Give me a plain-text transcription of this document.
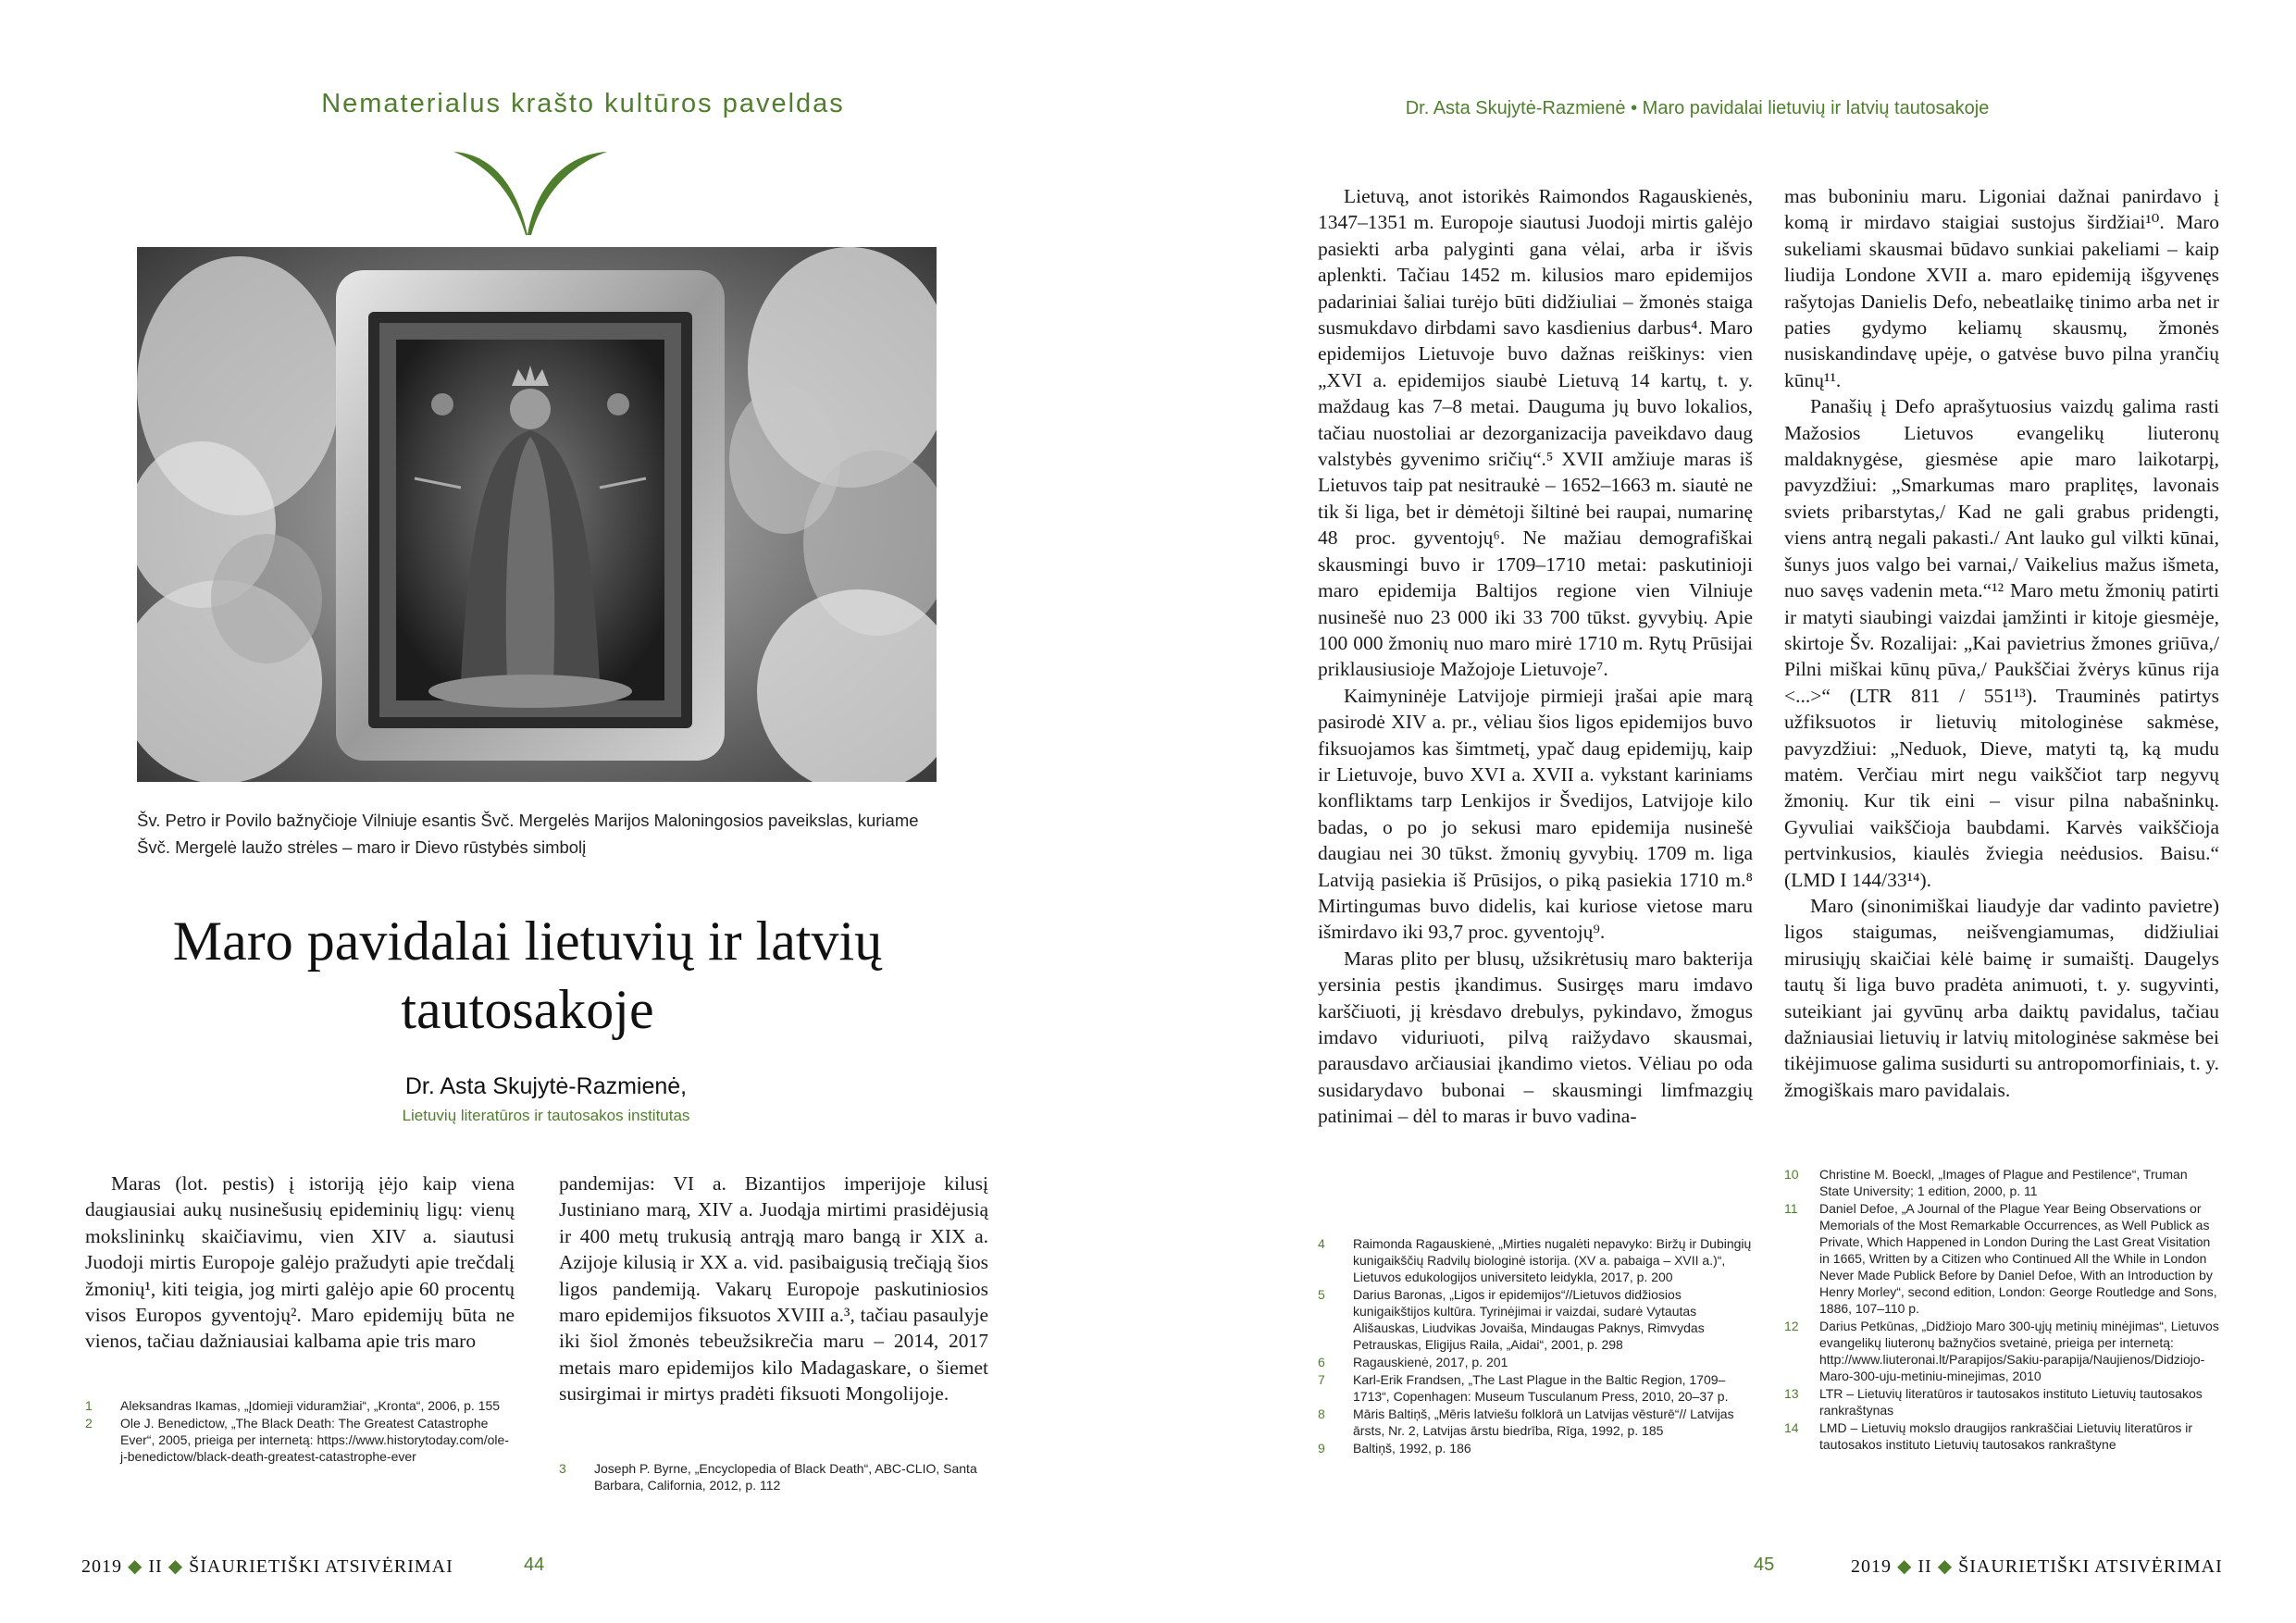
Nematerialus krašto kultūros paveldas	Dr. Asta Skujytė-Razmienė • Maro pavidalai lietuvių ir latvių tautosakoje
Šv. Petro ir Povilo bažnyčioje Vilniuje esantis Švč. Mergelės Marijos Maloningosios paveikslas, kuriame Švč. Mergelė laužo strėles – maro ir Dievo rūstybės simbolį
Maro pavidalai lietuvių ir latvių
tautosakoje
Dr. Asta Skujytė-Razmienė,
Lietuvių literatūros ir tautosakos institutas

Maras (lot. pestis) į istoriją įėjo kaip viena daugiausiai aukų nusinešusių epideminių ligų: vienų mokslininkų skaičiavimu, vien XIV a. siautusi Juodoji mirtis Europoje galėjo pražudyti apie trečdalį žmonių¹, kiti teigia, jog mirti galėjo apie 60 procentų visos Europos gyventojų². Maro epidemijų būta ne vienos, tačiau dažniausiai kalbama apie tris maro

pandemijas: VI a. Bizantijos imperijoje kilusį Justiniano marą, XIV a. Juodąja mirtimi prasidėjusią ir 400 metų trukusią antrąją maro bangą ir XIX a. Azijoje kilusią ir XX a. vid. pasibaigusią trečiąją šios ligos pandemiją. Vakarų Europoje paskutiniosios maro epidemijos fiksuotos XVIII a.³, tačiau pasaulyje iki šiol žmonės tebeužsikrečia maru – 2014, 2017 metais maro epidemijos kilo Madagaskare, o šiemet susirgimai ir mirtys pradėti fiksuoti Mongolijoje.

1	Aleksandras Ikamas, „Įdomieji viduramžiai“, „Kronta“, 2006, p. 155
2	Ole J. Benedictow, „The Black Death: The Greatest Catastrophe Ever“, 2005, prieiga per internetą: https://www.historytoday.com/ole-j-benedictow/black-death-greatest-catastrophe-ever
3	Joseph P. Byrne, „Encyclopedia of Black Death“, ABC-CLIO, Santa Barbara, California, 2012, p. 112

Lietuvą, anot istorikės Raimondos Ragauskienės, 1347–1351 m. Europoje siautusi Juodoji mirtis galėjo pasiekti arba palyginti gana vėlai, arba ir išvis aplenkti. Tačiau 1452 m. kilusios maro epidemijos padariniai šaliai turėjo būti didžiuliai – žmonės staiga susmukdavo dirbdami savo kasdienius darbus⁴. Maro epidemijos Lietuvoje buvo dažnas reiškinys: vien „XVI a. epidemijos siaubė Lietuvą 14 kartų, t. y. maždaug kas 7–8 metai. Dauguma jų buvo lokalios, tačiau nuostoliai ar dezorganizacija paveikdavo daug valstybės gyvenimo sričių“.⁵ XVII amžiuje maras iš Lietuvos taip pat nesitraukė – 1652–1663 m. siautė ne tik ši liga, bet ir dėmėtoji šiltinė bei raupai, numarinę 48 proc. gyventojų⁶. Ne mažiau demografiškai skausmingi buvo ir 1709–1710 metai: paskutinioji maro epidemija Baltijos regione vien Vilniuje nusinešė nuo 23 000 iki 33 700 tūkst. gyvybių. Apie 100 000 žmonių nuo maro mirė 1710 m. Rytų Prūsijai priklausiusioje Mažojoje Lietuvoje⁷.

Kaimyninėje Latvijoje pirmieji įrašai apie marą pasirodė XIV a. pr., vėliau šios ligos epidemijos buvo fiksuojamos kas šimtmetį, ypač daug epidemijų, kaip ir Lietuvoje, buvo XVI a. XVII a. vykstant kariniams konfliktams tarp Lenkijos ir Švedijos, Latvijoje kilo badas, o po jo sekusi maro epidemija nusinešė daugiau nei 30 tūkst. žmonių gyvybių. 1709 m. liga Latviją pasiekia iš Prūsijos, o piką pasiekia 1710 m.⁸ Mirtingumas buvo didelis, kai kuriose vietose maru išmirdavo iki 93,7 proc. gyventojų⁹.

Maras plito per blusų, užsikrėtusių maro bakterija yersinia pestis įkandimus. Susirgęs maru imdavo karščiuoti, jį krėsdavo drebulys, pykindavo, žmogus imdavo viduriuoti, pilvą raižydavo skausmai, parausdavo arčiausiai įkandimo vietos. Vėliau po oda susidarydavo bubonai – skausmingi limfmazgių patinimai – dėl to maras ir buvo vadina-

mas buboniniu maru. Ligoniai dažnai panirdavo į komą ir mirdavo staigiai sustojus širdžiai¹⁰. Maro sukeliami skausmai būdavo sunkiai pakeliami – kaip liudija Londone XVII a. maro epidemiją išgyvenęs rašytojas Danielis Defo, nebeatlaikę tinimo arba net ir paties gydymo keliamų skausmų, žmonės nusiskandindavę upėje, o gatvėse buvo pilna yrančių kūnų¹¹.

Panašių į Defo aprašytuosius vaizdų galima rasti Mažosios Lietuvos evangelikų liuteronų maldaknygėse, giesmėse apie maro laikotarpį, pavyzdžiui: „Smarkumas maro praplitęs, lavonais sviets pribarstytas,/ Kad ne gali grabus pridengti, viens antrą negali pakasti./ Ant lauko gul vilkti kūnai, šunys juos valgo bei varnai,/ Vaikelius mažus išmeta, nuo savęs vadenin meta.“¹² Maro metu žmonių patirti ir matyti siaubingi vaizdai įamžinti ir kitoje giesmėje, skirtoje Šv. Rozalijai: „Kai pavietrius žmones griūva,/ Pilni miškai kūnų pūva,/ Paukščiai žvėrys kūnus rija <...>“ (LTR 811 / 551¹³). Trauminės patirtys užfiksuotos ir lietuvių mitologinėse sakmėse, pavyzdžiui: „Neduok, Dieve, matyti tą, ką mudu matėm. Verčiau mirt negu vaikščiot tarp negyvų žmonių. Kur tik eini – visur pilna nabašninkų. Gyvuliai vaikščioja baubdami. Karvės vaikščioja pertvinkusios, kiaulės žviegia neėdusios. Baisu.“ (LMD I 144/33¹⁴).

Maro (sinonimiškai liaudyje dar vadinto pavietre) ligos staigumas, neišvengiamumas, didžiuliai mirusiųjų skaičiai kėlė baimę ir sumaištį. Daugelys tautų ši liga buvo pradėta animuoti, t. y. sugyvinti, suteikiant jai gyvūnų arba daiktų pavidalus, tačiau dažniausiai lietuvių ir latvių mitologinėse sakmėse bei tikėjimuose galima susidurti su antropomorfiniais, t. y. žmogiškais maro pavidalais.

4	Raimonda Ragauskienė, „Mirties nugalėti nepavyko: Biržų ir Dubingių kunigaikščių Radvilų biologinė istorija. (XV a. pabaiga – XVII a.)“, Lietuvos edukologijos universiteto leidykla, 2017, p. 200
5	Darius Baronas, „Ligos ir epidemijos“//Lietuvos didžiosios kunigaikštijos kultūra. Tyrinėjimai ir vaizdai, sudarė Vytautas Ališauskas, Liudvikas Jovaiša, Mindaugas Paknys, Rimvydas Petrauskas, Eligijus Raila, „Aidai“, 2001, p. 298
6	Ragauskienė, 2017, p. 201
7	Karl-Erik Frandsen, „The Last Plague in the Baltic Region, 1709–1713“, Copenhagen: Museum Tusculanum Press, 2010, 20–37 p.
8	Māris Baltiņš, „Mēris latviešu folklorā un Latvijas vēsturē“// Latvijas ārsts, Nr. 2, Latvijas ārstu biedrība, Rīga, 1992, p. 185
9	Baltiņš, 1992, p. 186
10	Christine M. Boeckl, „Images of Plague and Pestilence“, Truman State University; 1 edition, 2000, p. 11
11	Daniel Defoe, „A Journal of the Plague Year Being Observations or Memorials of the Most Remarkable Occurrences, as Well Publick as Private, Which Happened in London During the Last Great Visitation in 1665, Written by a Citizen who Continued All the While in London Never Made Publick Before by Daniel Defoe, With an Introduction by Henry Morley“, second edition, London: George Routledge and Sons, 1886, 107–110 p.
12	Darius Petkūnas, „Didžiojo Maro 300-ųjų metinių minėjimas“, Lietuvos evangelikų liuteronų bažnyčios svetainė, prieiga per internetą: http://www.liuteronai.lt/Parapijos/Sakiu-parapija/Naujienos/Didziojo-Maro-300-uju-metiniu-minejimas, 2010
13	LTR – Lietuvių literatūros ir tautosakos instituto Lietuvių tautosakos rankraštynas
14	LMD – Lietuvių mokslo draugijos rankraščiai Lietuvių literatūros ir tautosakos instituto Lietuvių tautosakos rankraštyne
2019 ◆ II ◆ ŠIAURIETIŠKI ATSIVĖRIMAI	44	45	2019 ◆ II ◆ ŠIAURIETIŠKI ATSIVĖRIMAI
